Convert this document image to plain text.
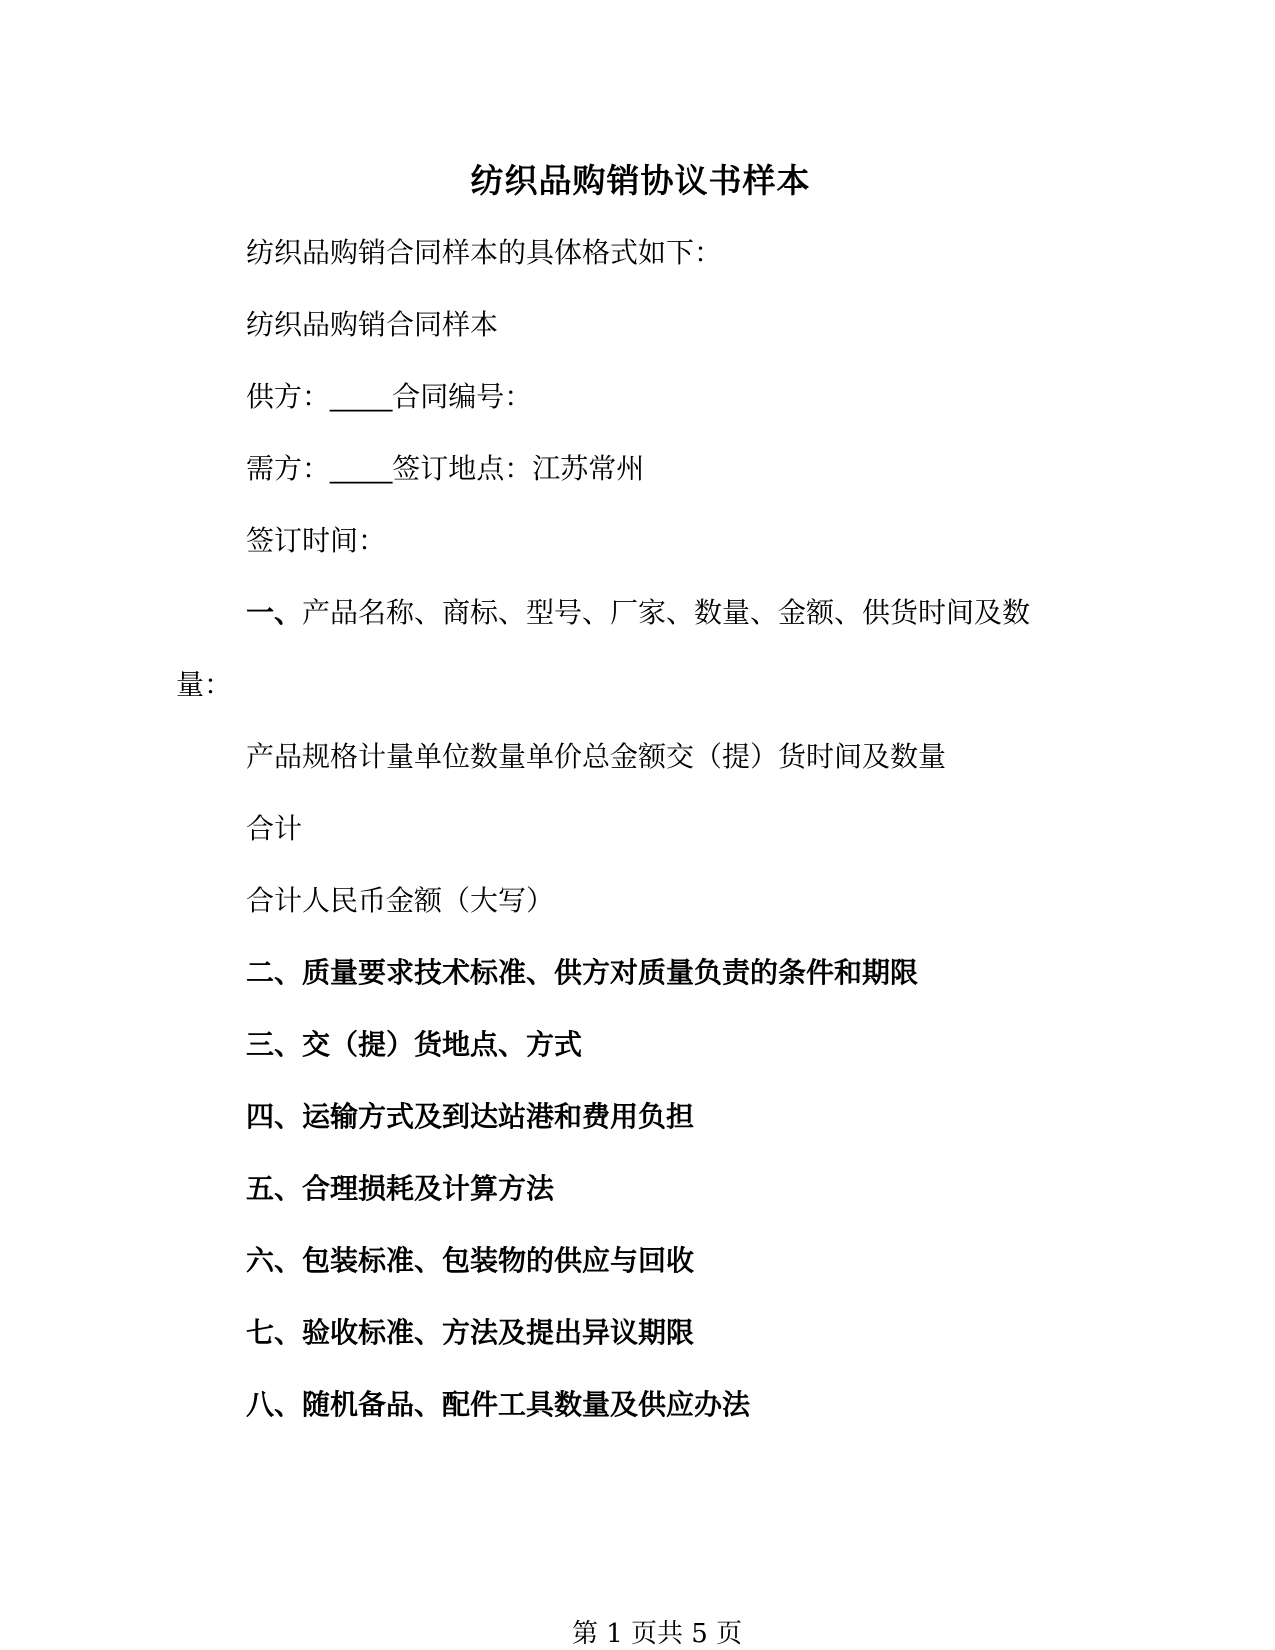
纺织品购销协议书样本

纺织品购销合同样本的具体格式如下：

纺织品购销合同样本

供方：____合同编号：

需方：____签订地点：江苏常州

签订时间：

一、产品名称、商标、型号、厂家、数量、金额、供货时间及数

量：

产品规格计量单位数量单价总金额交（提）货时间及数量

合计

合计人民币金额（大写）

二、质量要求技术标准、供方对质量负责的条件和期限

三、交（提）货地点、方式

四、运输方式及到达站港和费用负担

五、合理损耗及计算方法

六、包装标准、包装物的供应与回收

七、验收标准、方法及提出异议期限

八、随机备品、配件工具数量及供应办法

第 1 页共 5 页
